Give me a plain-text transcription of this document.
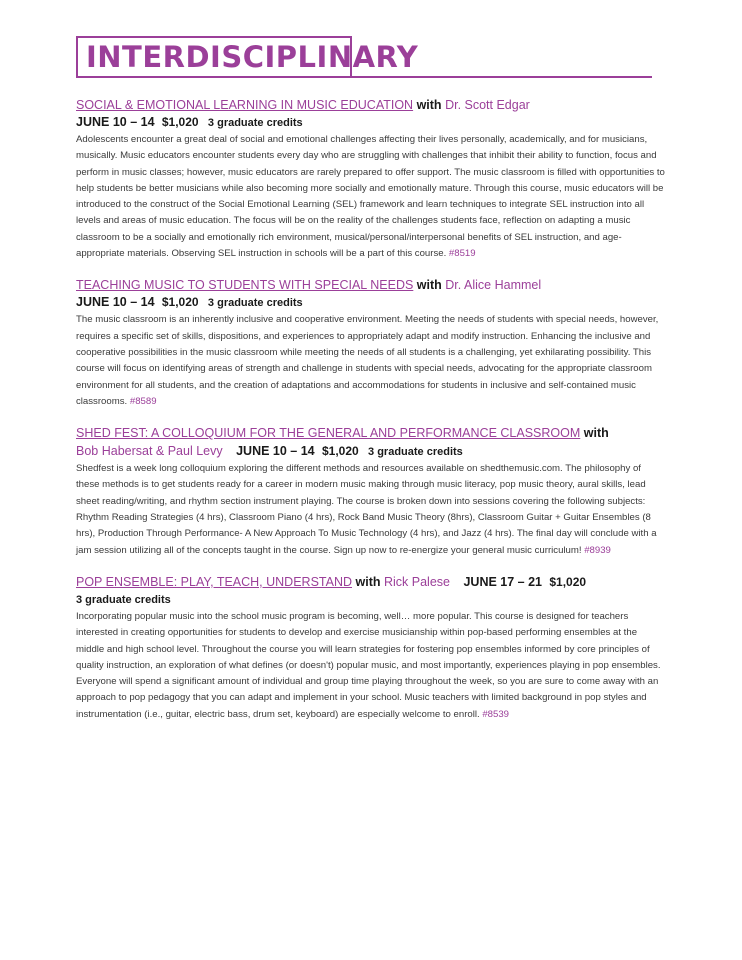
INTERDISCIPLINARY
SOCIAL & EMOTIONAL LEARNING IN MUSIC EDUCATION with Dr. Scott Edgar
JUNE 10 – 14 $1,020 3 graduate credits

Adolescents encounter a great deal of social and emotional challenges affecting their lives personally, academically, and for musicians, musically. Music educators encounter students every day who are struggling with challenges that inhibit their ability to function, focus and perform in music classes; however, music educators are rarely prepared to offer support. The music classroom is filled with opportunities to help students be better musicians while also becoming more socially and emotionally mature. Through this course, music educators will be introduced to the construct of the Social Emotional Learning (SEL) framework and learn techniques to integrate SEL instruction into all levels and areas of music education. The focus will be on the reality of the challenges students face, reflection on adapting a music classroom to be a socially and emotionally rich environment, musical/personal/interpersonal benefits of SEL instruction, and age-appropriate materials. Observing SEL instruction in schools will be a part of this course. #8519

TEACHING MUSIC TO STUDENTS WITH SPECIAL NEEDS with Dr. Alice Hammel
JUNE 10 – 14 $1,020 3 graduate credits

The music classroom is an inherently inclusive and cooperative environment. Meeting the needs of students with special needs, however, requires a specific set of skills, dispositions, and experiences to appropriately adapt and modify instruction. Enhancing the inclusive and cooperative possibilities in the music classroom while meeting the needs of all students is a challenging, yet exhilarating possibility. This course will focus on identifying areas of strength and challenge in students with special needs, advocating for the appropriate classroom environment for all students, and the creation of adaptations and accommodations for students in inclusive and self-contained music classrooms. #8589

SHED FEST: A COLLOQUIUM FOR THE GENERAL AND PERFORMANCE CLASSROOM with
Bob Habersat & Paul Levy JUNE 10 – 14 $1,020 3 graduate credits

Shedfest is a week long colloquium exploring the different methods and resources available on shedthemusic.com. The philosophy of these methods is to get students ready for a career in modern music making through music literacy, pop music theory, aural skills, lead sheet reading/writing, and rhythm section instrument playing. The course is broken down into sessions covering the following subjects: Rhythm Reading Strategies (4 hrs), Classroom Piano (4 hrs), Rock Band Music Theory (8hrs), Classroom Guitar + Guitar Ensembles (8 hrs), Production Through Performance- A New Approach To Music Technology (4 hrs), and Jazz (4 hrs). The final day will conclude with a jam session utilizing all of the concepts taught in the course. Sign up now to re-energize your general music curriculum! #8939

POP ENSEMBLE: PLAY, TEACH, UNDERSTAND with Rick Palese JUNE 17 – 21 $1,020
3 graduate credits

Incorporating popular music into the school music program is becoming, well… more popular. This course is designed for teachers interested in creating opportunities for students to develop and exercise musicianship within pop-based performing ensembles at the middle and high school level. Throughout the course you will learn strategies for fostering pop ensembles informed by core principles of quality instruction, an exploration of what defines (or doesn't) popular music, and most importantly, experiences playing in pop ensembles. Everyone will spend a significant amount of individual and group time playing throughout the week, so you are sure to come away with an approach to pop pedagogy that you can adapt and implement in your school. Music teachers with limited background in pop styles and instrumentation (i.e., guitar, electric bass, drum set, keyboard) are especially welcome to enroll. #8539
